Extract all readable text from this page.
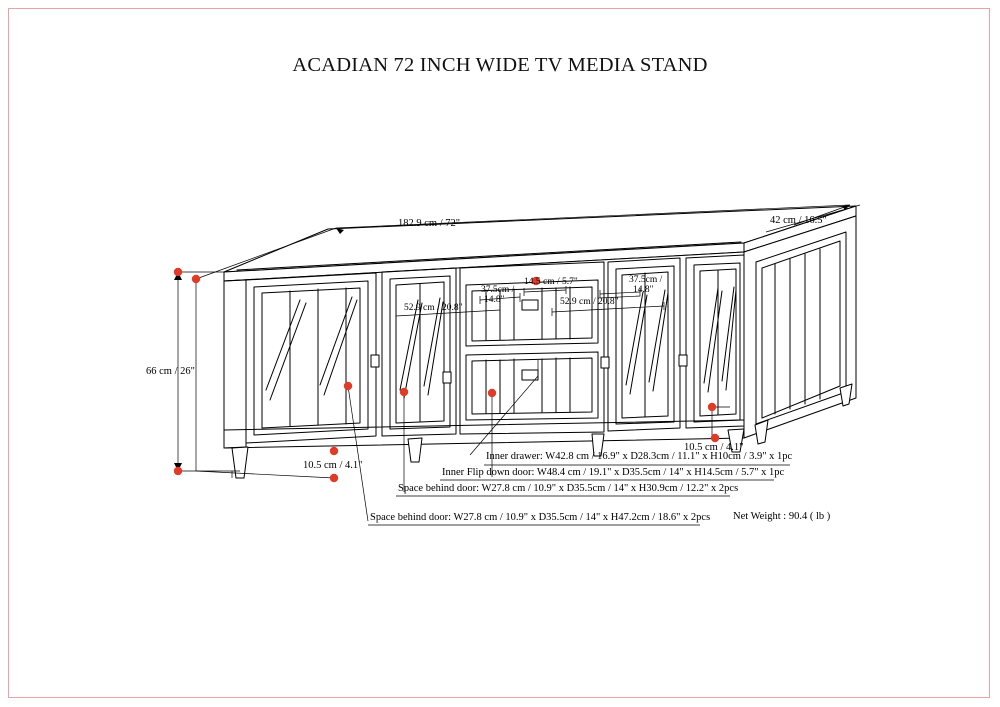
ACADIAN 72 INCH WIDE TV MEDIA STAND
182.9 cm / 72"	42 cm / 16.5"
66 cm / 26"
10.5 cm / 4.1"
10.5 cm / 4.1"
52.9 cm / 20.8"
52.9 cm / 20.8"
37.5cm /
14.8"
14.5 cm / 5.7"	37.5cm /
14.8"
Inner drawer: W42.8 cm / 16.9" x D28.3cm / 11.1" x H10cm / 3.9" x 1pc
Inner Flip down door: W48.4 cm / 19.1" x D35.5cm / 14" x H14.5cm / 5.7" x 1pc
Space behind door: W27.8 cm / 10.9" x D35.5cm / 14" x H30.9cm / 12.2" x 2pcs
Space behind door: W27.8 cm / 10.9" x D35.5cm / 14" x H47.2cm / 18.6" x 2pcs Net Weight : 90.4 ( lb )
